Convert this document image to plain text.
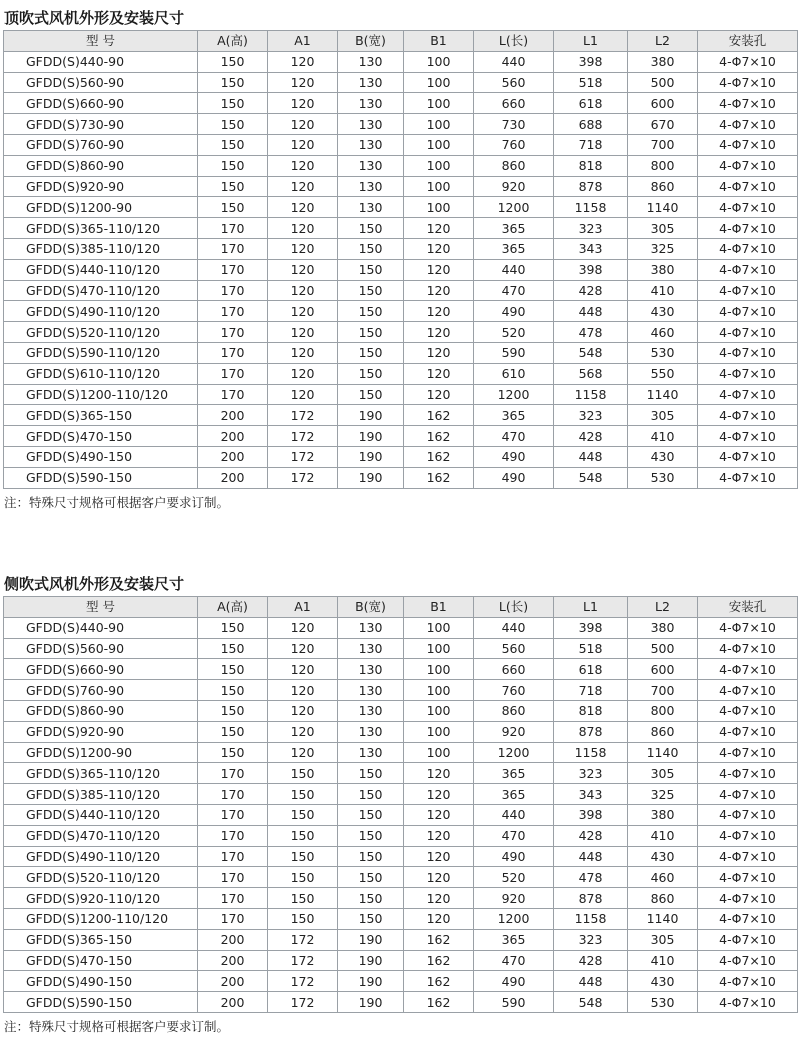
顶吹式风机外形及安装尺寸
型 号	A(高)	A1	B(宽)	B1	L(长)	L1	L2	安装孔
GFDD(S)440-90	150	120	130	100	440	398	380	4-Φ7×10
GFDD(S)560-90	150	120	130	100	560	518	500	4-Φ7×10
GFDD(S)660-90	150	120	130	100	660	618	600	4-Φ7×10
GFDD(S)730-90	150	120	130	100	730	688	670	4-Φ7×10
GFDD(S)760-90	150	120	130	100	760	718	700	4-Φ7×10
GFDD(S)860-90	150	120	130	100	860	818	800	4-Φ7×10
GFDD(S)920-90	150	120	130	100	920	878	860	4-Φ7×10
GFDD(S)1200-90	150	120	130	100	1200	1158	1140	4-Φ7×10
GFDD(S)365-110/120	170	120	150	120	365	323	305	4-Φ7×10
GFDD(S)385-110/120	170	120	150	120	365	343	325	4-Φ7×10
GFDD(S)440-110/120	170	120	150	120	440	398	380	4-Φ7×10
GFDD(S)470-110/120	170	120	150	120	470	428	410	4-Φ7×10
GFDD(S)490-110/120	170	120	150	120	490	448	430	4-Φ7×10
GFDD(S)520-110/120	170	120	150	120	520	478	460	4-Φ7×10
GFDD(S)590-110/120	170	120	150	120	590	548	530	4-Φ7×10
GFDD(S)610-110/120	170	120	150	120	610	568	550	4-Φ7×10
GFDD(S)1200-110/120	170	120	150	120	1200	1158	1140	4-Φ7×10
GFDD(S)365-150	200	172	190	162	365	323	305	4-Φ7×10
GFDD(S)470-150	200	172	190	162	470	428	410	4-Φ7×10
GFDD(S)490-150	200	172	190	162	490	448	430	4-Φ7×10
GFDD(S)590-150	200	172	190	162	490	548	530	4-Φ7×10
注：特殊尺寸规格可根据客户要求订制。
侧吹式风机外形及安装尺寸
型 号	A(高)	A1	B(宽)	B1	L(长)	L1	L2	安装孔
GFDD(S)440-90	150	120	130	100	440	398	380	4-Φ7×10
GFDD(S)560-90	150	120	130	100	560	518	500	4-Φ7×10
GFDD(S)660-90	150	120	130	100	660	618	600	4-Φ7×10
GFDD(S)760-90	150	120	130	100	760	718	700	4-Φ7×10
GFDD(S)860-90	150	120	130	100	860	818	800	4-Φ7×10
GFDD(S)920-90	150	120	130	100	920	878	860	4-Φ7×10
GFDD(S)1200-90	150	120	130	100	1200	1158	1140	4-Φ7×10
GFDD(S)365-110/120	170	150	150	120	365	323	305	4-Φ7×10
GFDD(S)385-110/120	170	150	150	120	365	343	325	4-Φ7×10
GFDD(S)440-110/120	170	150	150	120	440	398	380	4-Φ7×10
GFDD(S)470-110/120	170	150	150	120	470	428	410	4-Φ7×10
GFDD(S)490-110/120	170	150	150	120	490	448	430	4-Φ7×10
GFDD(S)520-110/120	170	150	150	120	520	478	460	4-Φ7×10
GFDD(S)920-110/120	170	150	150	120	920	878	860	4-Φ7×10
GFDD(S)1200-110/120	170	150	150	120	1200	1158	1140	4-Φ7×10
GFDD(S)365-150	200	172	190	162	365	323	305	4-Φ7×10
GFDD(S)470-150	200	172	190	162	470	428	410	4-Φ7×10
GFDD(S)490-150	200	172	190	162	490	448	430	4-Φ7×10
GFDD(S)590-150	200	172	190	162	590	548	530	4-Φ7×10
注：特殊尺寸规格可根据客户要求订制。
